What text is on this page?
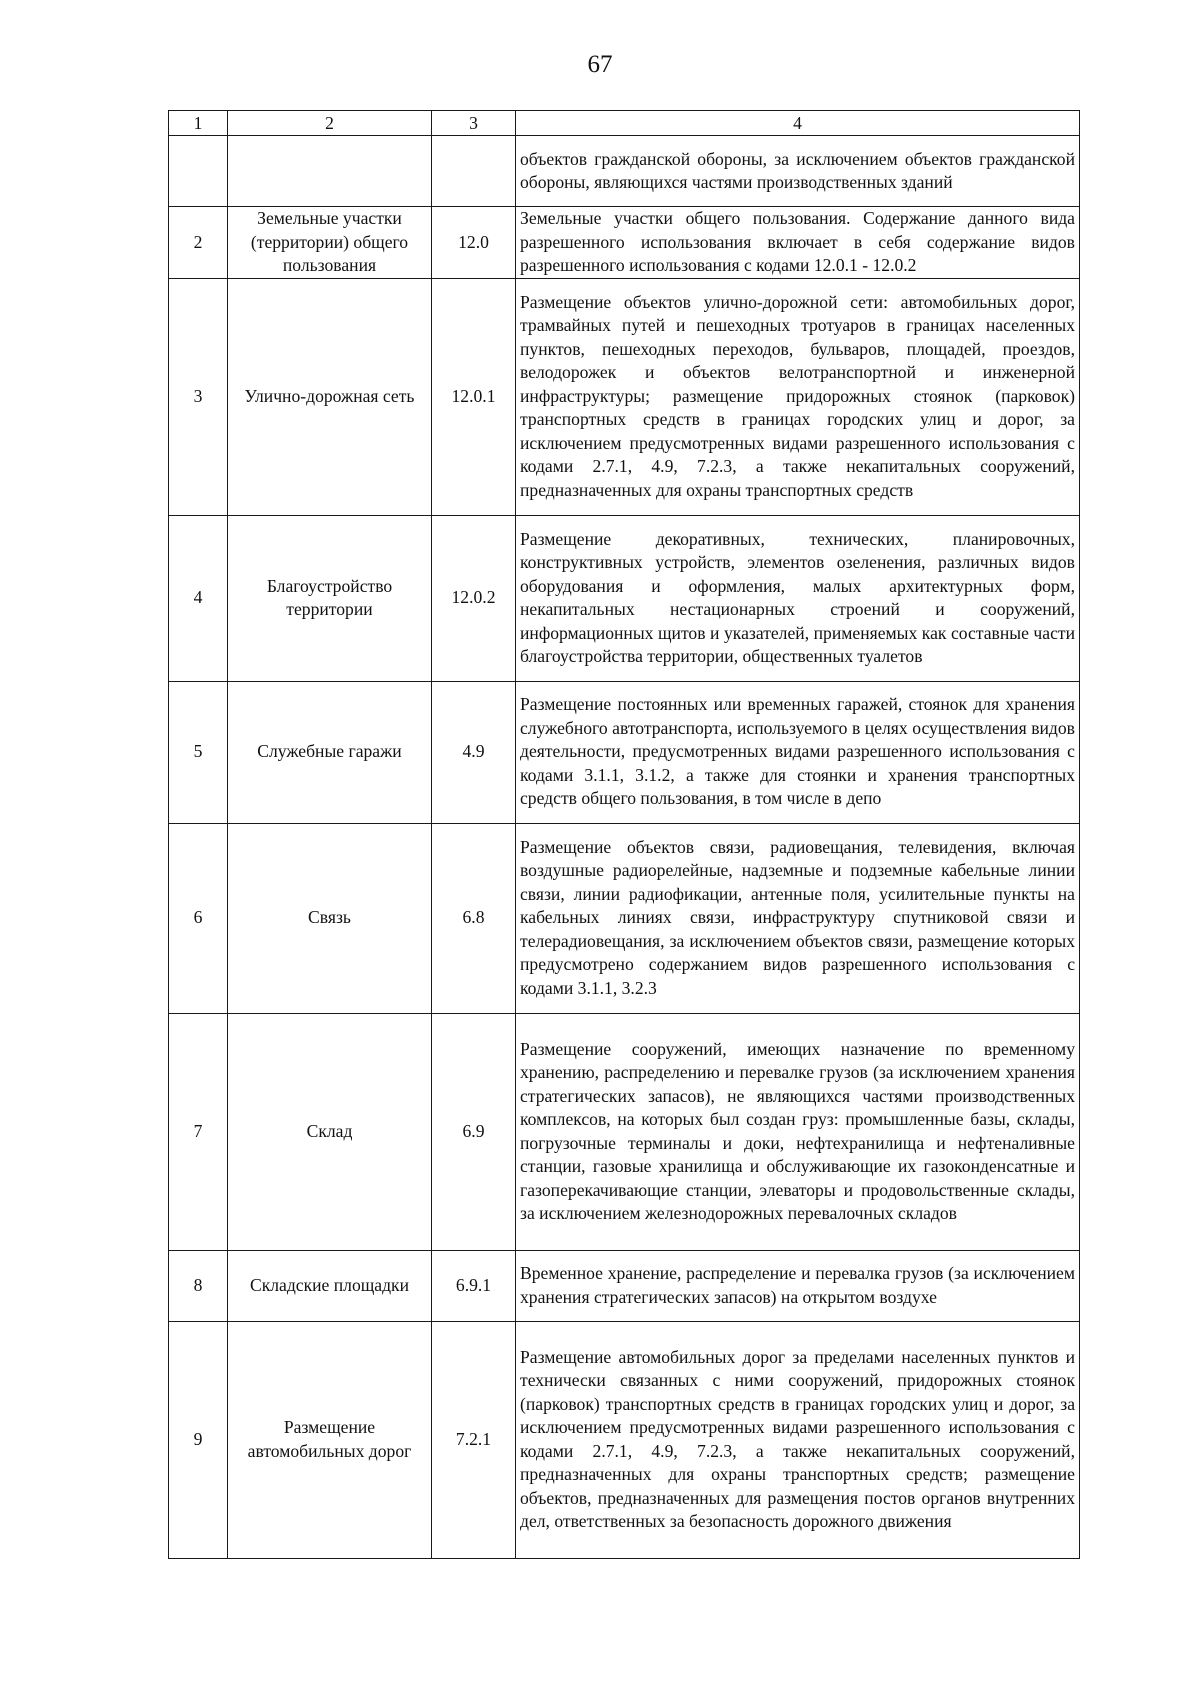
67
1	2	3	4
			объектов гражданской обороны, за исключением объектов гражданской обороны, являющихся частями производственных зданий
2	Земельные участки (территории) общего пользования	12.0	Земельные участки общего пользования. Содержание данного вида разрешенного использования включает в себя содержание видов разрешенного использования с кодами 12.0.1 - 12.0.2
3	Улично-дорожная сеть	12.0.1	Размещение объектов улично-дорожной сети: автомобильных дорог, трамвайных путей и пешеходных тротуаров в границах населенных пунктов, пешеходных переходов, бульваров, площадей, проездов, велодорожек и объектов велотранспортной и инженерной инфраструктуры; размещение придорожных стоянок (парковок) транспортных средств в границах городских улиц и дорог, за исключением предусмотренных видами разрешенного использования с кодами 2.7.1, 4.9, 7.2.3, а также некапитальных сооружений, предназначенных для охраны транспортных средств
4	Благоустройство территории	12.0.2	Размещение декоративных, технических, планировочных, конструктивных устройств, элементов озеленения, различных видов оборудования и оформления, малых архитектурных форм, некапитальных нестационарных строений и сооружений, информационных щитов и указателей, применяемых как составные части благоустройства территории, общественных туалетов
5	Служебные гаражи	4.9	Размещение постоянных или временных гаражей, стоянок для хранения служебного автотранспорта, используемого в целях осуществления видов деятельности, предусмотренных видами разрешенного использования с кодами 3.1.1, 3.1.2, а также для стоянки и хранения транспортных средств общего пользования, в том числе в депо
6	Связь	6.8	Размещение объектов связи, радиовещания, телевидения, включая воздушные радиорелейные, надземные и подземные кабельные линии связи, линии радиофикации, антенные поля, усилительные пункты на кабельных линиях связи, инфраструктуру спутниковой связи и телерадиовещания, за исключением объектов связи, размещение которых предусмотрено содержанием видов разрешенного использования с кодами 3.1.1, 3.2.3
7	Склад	6.9	Размещение сооружений, имеющих назначение по временному хранению, распределению и перевалке грузов (за исключением хранения стратегических запасов), не являющихся частями производственных комплексов, на которых был создан груз: промышленные базы, склады, погрузочные терминалы и доки, нефтехранилища и нефтеналивные станции, газовые хранилища и обслуживающие их газоконденсатные и газоперекачивающие станции, элеваторы и продовольственные склады, за исключением железнодорожных перевалочных складов
8	Складские площадки	6.9.1	Временное хранение, распределение и перевалка грузов (за исключением хранения стратегических запасов) на открытом воздухе
9	Размещение автомобильных дорог	7.2.1	Размещение автомобильных дорог за пределами населенных пунктов и технически связанных с ними сооружений, придорожных стоянок (парковок) транспортных средств в границах городских улиц и дорог, за исключением предусмотренных видами разрешенного использования с кодами 2.7.1, 4.9, 7.2.3, а также некапитальных сооружений, предназначенных для охраны транспортных средств; размещение объектов, предназначенных для размещения постов органов внутренних дел, ответственных за безопасность дорожного движения
